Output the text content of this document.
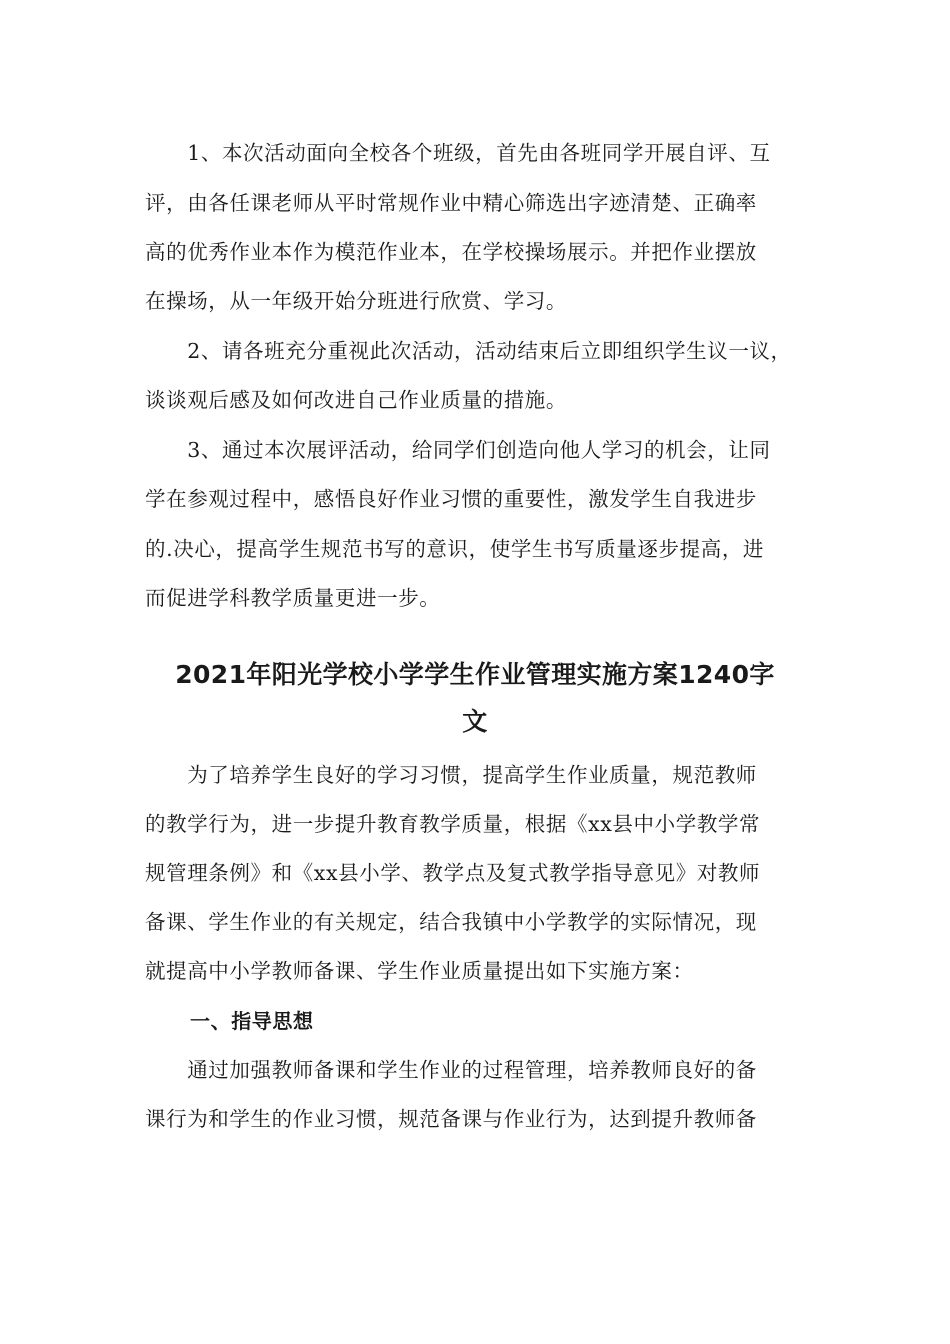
　　1、本次活动面向全校各个班级，首先由各班同学开展自评、互
评，由各任课老师从平时常规作业中精心筛选出字迹清楚、正确率
高的优秀作业本作为模范作业本，在学校操场展示。并把作业摆放
在操场，从一年级开始分班进行欣赏、学习。
　　2、请各班充分重视此次活动，活动结束后立即组织学生议一议，
谈谈观后感及如何改进自己作业质量的措施。
　　3、通过本次展评活动，给同学们创造向他人学习的机会，让同
学在参观过程中，感悟良好作业习惯的重要性，激发学生自我进步
的.决心，提高学生规范书写的意识，使学生书写质量逐步提高，进
而促进学科教学质量更进一步。
2021年阳光学校小学学生作业管理实施方案1240字
文
　　为了培养学生良好的学习习惯，提高学生作业质量，规范教师
的教学行为，进一步提升教育教学质量，根据《xx县中小学教学常
规管理条例》和《xx县小学、教学点及复式教学指导意见》对教师
备课、学生作业的有关规定，结合我镇中小学教学的实际情况，现
就提高中小学教师备课、学生作业质量提出如下实施方案：
一、指导思想
　　通过加强教师备课和学生作业的过程管理，培养教师良好的备
课行为和学生的作业习惯，规范备课与作业行为，达到提升教师备
